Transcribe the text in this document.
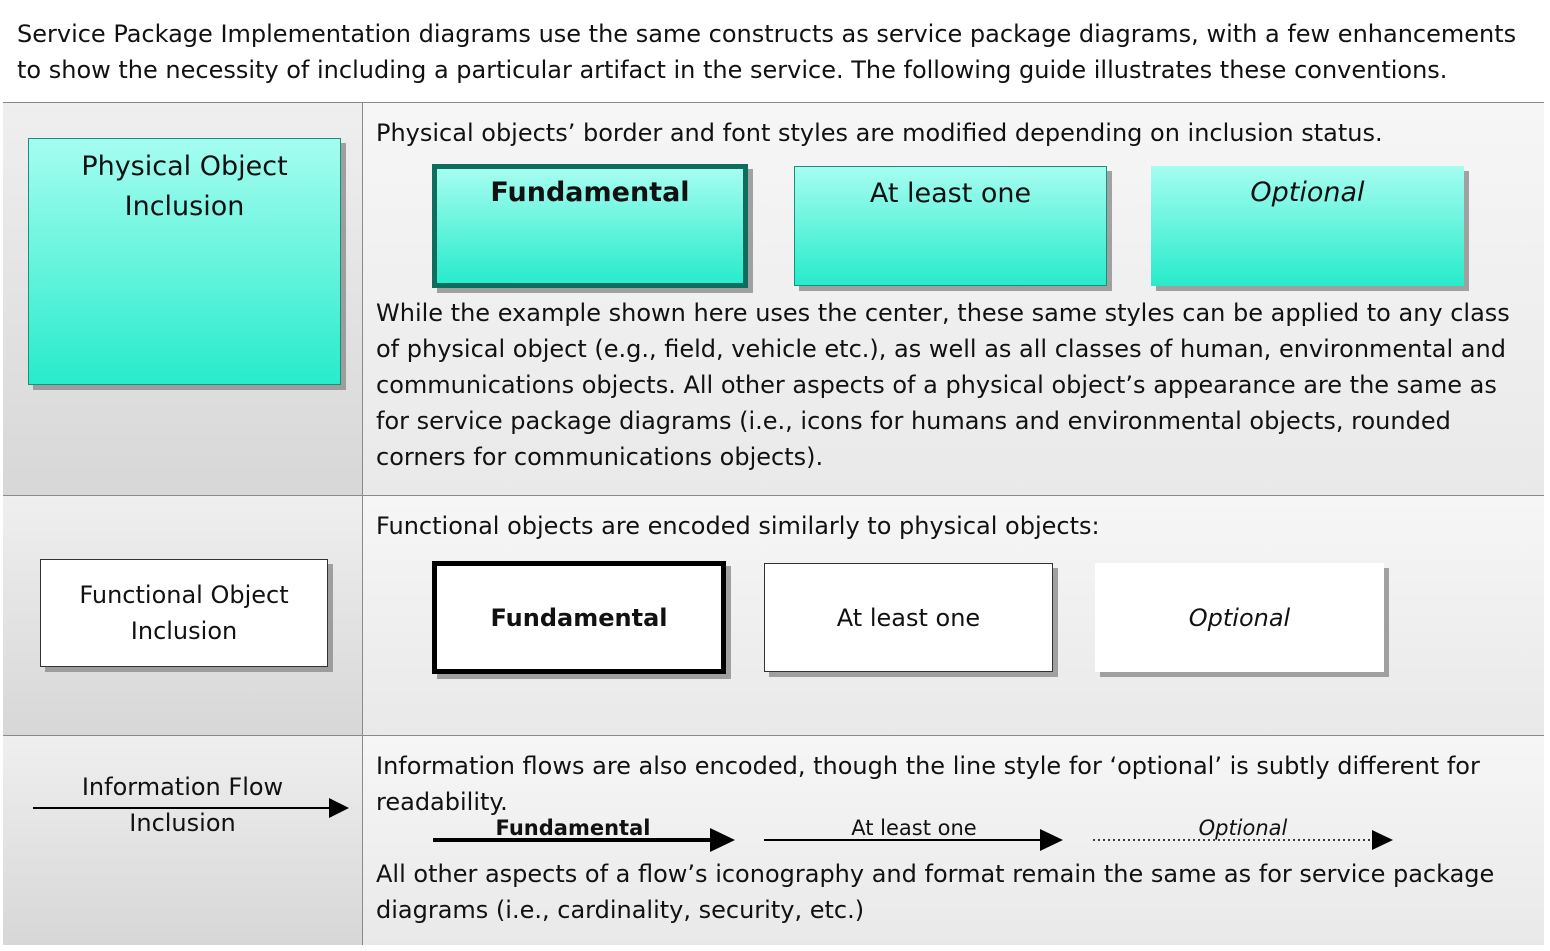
Service Package Implementation diagrams use the same constructs as service package diagrams, with a few enhancements
to show the necessity of including a particular artifact in the service. The following guide illustrates these conventions.
Physical Object
Inclusion
Physical objects’ border and font styles are modified depending on inclusion status.
Fundamental	At least one	Optional
While the example shown here uses the center, these same styles can be applied to any class
of physical object (e.g., field, vehicle etc.), as well as all classes of human, environmental and
communications objects. All other aspects of a physical object’s appearance are the same as
for service package diagrams (i.e., icons for humans and environmental objects, rounded
corners for communications objects).
Functional Object
Inclusion
Functional objects are encoded similarly to physical objects:
Fundamental	At least one	Optional
Information Flow
Inclusion
Information flows are also encoded, though the line style for ‘optional’ is subtly different for
readability.
Fundamental	At least one	Optional
All other aspects of a flow’s iconography and format remain the same as for service package
diagrams (i.e., cardinality, security, etc.)
